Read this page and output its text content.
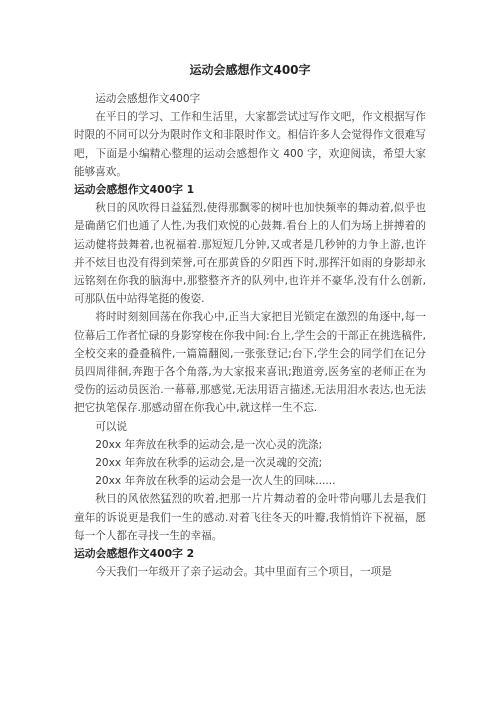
运动会感想作文400字

运动会感想作文400字

在平日的学习、工作和生活里，大家都尝试过写作文吧，作文根据写作时限的不同可以分为限时作文和非限时作文。相信许多人会觉得作文很难写吧，下面是小编精心整理的运动会感想作文 400 字，欢迎阅读，希望大家能够喜欢。

运动会感想作文400字 1

秋日的风吹得日益猛烈,使得那飘零的树叶也加快频率的舞动着,似乎也是确凿它们也通了人性,为我们欢悦的心鼓舞.看台上的人们为场上拼搏着的运动健将鼓舞着,也祝福着.那短短几分钟,又或者是几秒钟的力争上游,也许并不炫目也没有得到荣誉,可在那黄昏的夕阳西下时,那挥汗如雨的身影却永远铭刻在你我的脑海中,那整整齐齐的队列中,也许并不豪华,没有什么创新,可那队伍中站得笔挺的俊姿.

将时时刻刻回荡在你我心中,正当大家把目光锁定在激烈的角逐中,每一位幕后工作者忙碌的身影穿梭在你我中间:台上,学生会的干部正在挑选稿件,全校交来的叠叠稿件,一篇篇翻阅,一张张登记;台下,学生会的同学们在记分员四周徘徊,奔跑于各个角落,为大家报来喜讯;跑道旁,医务室的老师正在为受伤的运动员医治.一幕幕,那感觉,无法用语言描述,无法用泪水表达,也无法把它执笔保存.那感动留在你我心中,就这样一生不忘.

可以说

20xx 年奔放在秋季的运动会,是一次心灵的洗涤;

20xx 年奔放在秋季的运动会,是一次灵魂的交流;

20xx 年奔放在秋季的运动会是一次人生的回味......

秋日的风依然猛烈的吹着,把那一片片舞动着的金叶带向哪儿去是我们童年的诉说更是我们一生的感动.对着飞往冬天的叶瓣,我悄悄许下祝福，愿每一个人都在寻找一生的幸福。

运动会感想作文400字 2

今天我们一年级开了亲子运动会。其中里面有三个项目，一项是
